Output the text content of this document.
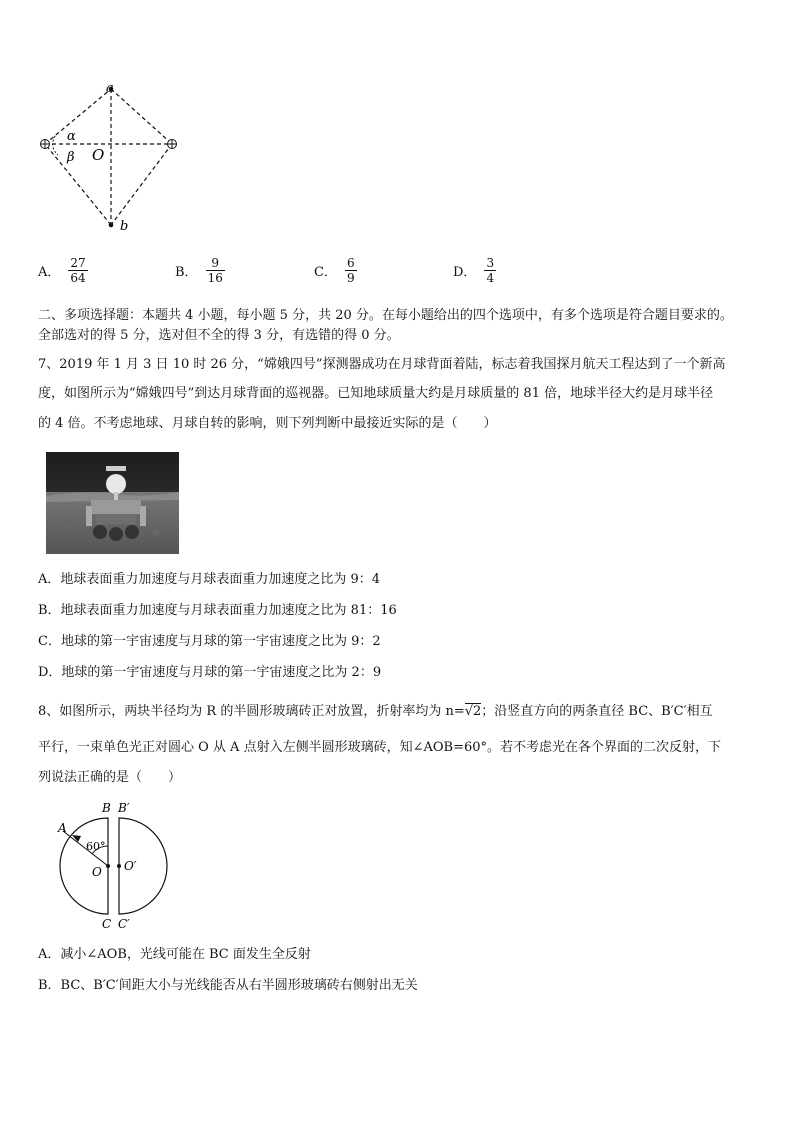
a
b
O
α
β
A． $\frac{27}{64}$	B． $\frac{9}{16}$	C． $\frac{6}{9}$	D． $\frac{3}{4}$
二、多项选择题：本题共 4 小题，每小题 5 分，共 20 分。在每小题给出的四个选项中，有多个选项是符合题目要求的。
全部选对的得 5 分，选对但不全的得 3 分，有选错的得 0 分。
7、2019 年 1 月 3 日 10 时 26 分，“嫦娥四号”探测器成功在月球背面着陆，标志着我国探月航天工程达到了一个新高
度，如图所示为“嫦娥四号”到达月球背面的巡视器。已知地球质量大约是月球质量的 81 倍，地球半径大约是月球半径
的 4 倍。不考虑地球、月球自转的影响，则下列判断中最接近实际的是（　　）
A．地球表面重力加速度与月球表面重力加速度之比为 9：4
B．地球表面重力加速度与月球表面重力加速度之比为 81：16
C．地球的第一宇宙速度与月球的第一宇宙速度之比为 9：2
D．地球的第一宇宙速度与月球的第一宇宙速度之比为 2：9
8、如图所示，两块半径均为 R 的半圆形玻璃砖正对放置，折射率均为 n=√2；沿竖直方向的两条直径 BC、B′C′相互
平行，一束单色光正对圆心 O 从 A 点射入左侧半圆形玻璃砖，知∠AOB=60°。若不考虑光在各个界面的二次反射，下
列说法正确的是（　　）
A
B B′
C C′
O O′
60°
A．减小∠AOB，光线可能在 BC 面发生全反射
B．BC、B′C′间距大小与光线能否从右半圆形玻璃砖右侧射出无关
